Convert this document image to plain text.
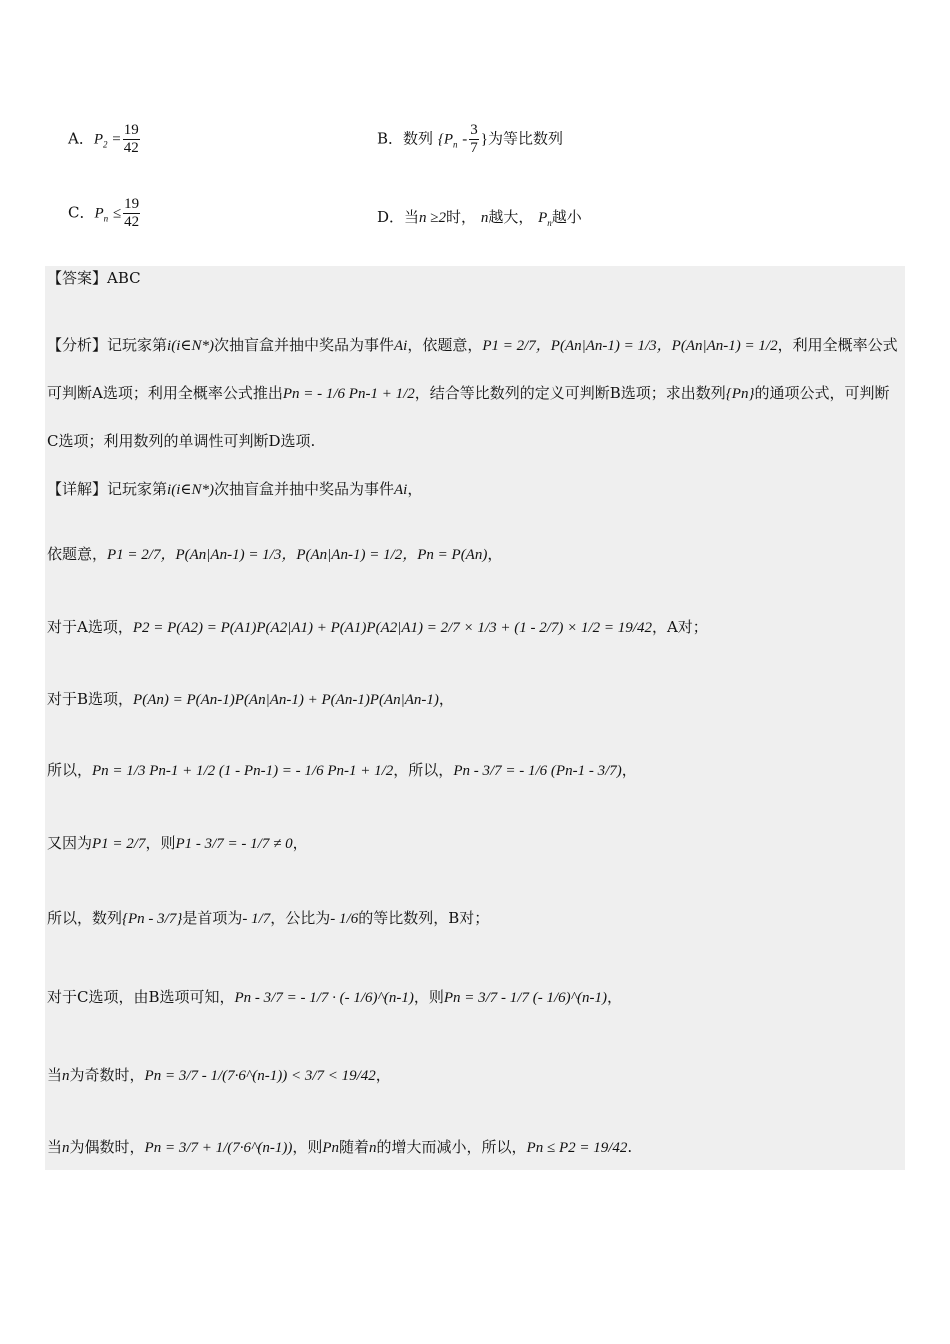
A．$P_2 = \frac{19}{42}$	B．数列 {$P_n - \frac{3}{7}$ }为等比数列
C．$P_n \le \frac{19}{42}$	D．当n ≥2时， n越大， $P_n$越小
【答案】ABC
【分析】记玩家第i(i∈N*)次抽盲盒并抽中奖品为事件Ai，依题意，P1 = 2/7，P(An|An-1) = 1/3，P(An|An-1) = 1/2，利用全概率公式可判断A选项；利用全概率公式推出Pn = - 1/6 Pn-1 + 1/2，结合等比数列的定义可判断B选项；求出数列{Pn}的通项公式，可判断C选项；利用数列的单调性可判断D选项.
【详解】记玩家第i(i∈N*)次抽盲盒并抽中奖品为事件Ai，
依题意，P1 = 2/7，P(An|An-1) = 1/3，P(An|An-1) = 1/2，Pn = P(An)，
对于A选项，P2 = P(A2) = P(A1)P(A2|A1) + P(A1)P(A2|A1) = 2/7 × 1/3 + (1 - 2/7) × 1/2 = 19/42，A对；
对于B选项，P(An) = P(An-1)P(An|An-1) + P(An-1)P(An|An-1)，
所以，Pn = 1/3 Pn-1 + 1/2 (1 - Pn-1) = - 1/6 Pn-1 + 1/2，所以，Pn - 3/7 = - 1/6 (Pn-1 - 3/7)，
又因为P1 = 2/7，则P1 - 3/7 = - 1/7 ≠ 0，
所以，数列{Pn - 3/7}是首项为- 1/7，公比为- 1/6的等比数列，B对；
对于C选项，由B选项可知，Pn - 3/7 = - 1/7 · (- 1/6)^(n-1)，则Pn = 3/7 - 1/7 (- 1/6)^(n-1)，
当n为奇数时，Pn = 3/7 - 1/(7·6^(n-1)) < 3/7 < 19/42，
当n为偶数时，Pn = 3/7 + 1/(7·6^(n-1))，则Pn随着n的增大而减小，所以，Pn ≤ P2 = 19/42.
